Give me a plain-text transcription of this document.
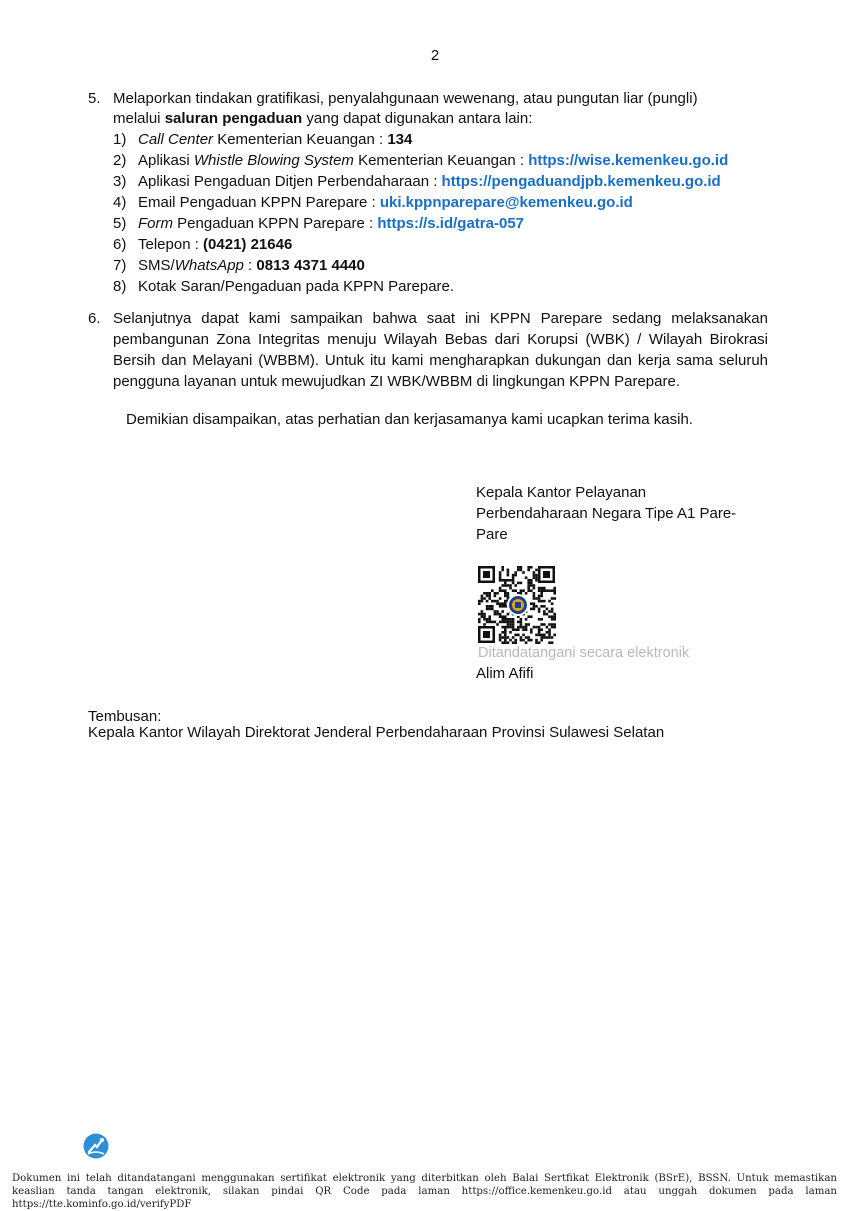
2
5. Melaporkan tindakan gratifikasi, penyalahgunaan wewenang, atau pungutan liar (pungli)
melalui saluran pengaduan yang dapat digunakan antara lain:
1) Call Center Kementerian Keuangan : 134
2) Aplikasi Whistle Blowing System Kementerian Keuangan : https://wise.kemenkeu.go.id
3) Aplikasi Pengaduan Ditjen Perbendaharaan : https://pengaduandjpb.kemenkeu.go.id
4) Email Pengaduan KPPN Parepare : uki.kppnparepare@kemenkeu.go.id
5) Form Pengaduan KPPN Parepare : https://s.id/gatra-057
6) Telepon : (0421) 21646
7) SMS/WhatsApp : 0813 4371 4440
8) Kotak Saran/Pengaduan pada KPPN Parepare.
6. Selanjutnya dapat kami sampaikan bahwa saat ini KPPN Parepare sedang melaksanakan pembangunan Zona Integritas menuju Wilayah Bebas dari Korupsi (WBK) / Wilayah Birokrasi Bersih dan Melayani (WBBM). Untuk itu kami mengharapkan dukungan dan kerja sama seluruh pengguna layanan untuk mewujudkan ZI WBK/WBBM di lingkungan KPPN Parepare.
Demikian disampaikan, atas perhatian dan kerjasamanya kami ucapkan terima kasih.
Kepala Kantor Pelayanan
Perbendaharaan Negara Tipe A1 Pare-
Pare
Ditandatangani secara elektronik
Alim Afifi
Tembusan:
Kepala Kantor Wilayah Direktorat Jenderal Perbendaharaan Provinsi Sulawesi Selatan
Dokumen ini telah ditandatangani menggunakan sertifikat elektronik yang diterbitkan oleh Balai Sertfikat Elektronik (BSrE), BSSN. Untuk memastikan keaslian tanda tangan elektronik, silakan pindai QR Code pada laman https://office.kemenkeu.go.id atau unggah dokumen pada laman https://tte.kominfo.go.id/verifyPDF
